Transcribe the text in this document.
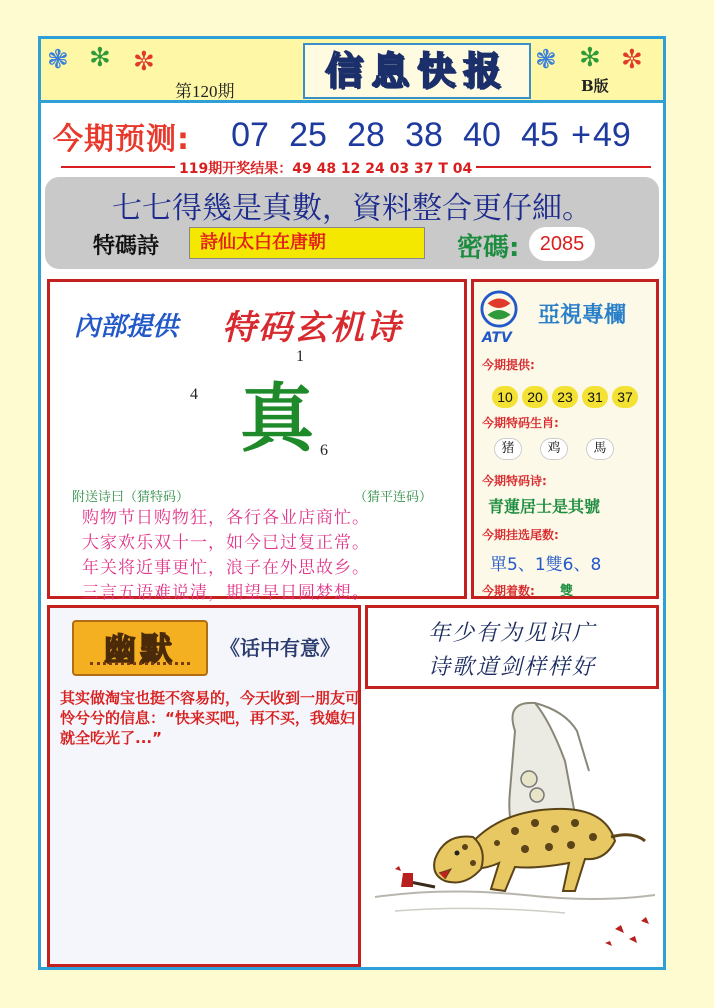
❃ ✻ ✼
第120期	信息快报	❃ ✻ ✼
B版
今期预测: 07 25 28 38 40 45 + 49
119期开奖结果：49 48 12 24 03 37 T 04
七七得幾是真數，資料整合更仔細。
特碼詩	詩仙太白在唐朝	密碼:	2085
內部提供 特码玄机诗
1
4 真 6
附送诗曰（猜特码）	（猜平连码）
购物节日购物狂，各行各业店商忙。
大家欢乐双十一，如今已过复正常。
年关将近事更忙，浪子在外思故乡。
三言五语难说清，期望早日圆梦想。
ATV
亞視專欄
今期提供:
10	20	23	31	37
今期特码生肖:
猪	鸡	馬
今期特码诗:
青蓮居士是其號
今期挂选尾数:
單5、1雙6、8
今期着数: 雙
幽默	《话中有意》
其实做淘宝也挺不容易的，今天收到一朋友可怜兮兮的信息：“快来买吧，再不买，我媳妇就全吃光了...”
年少有为见识广
诗歌道剑样样好
